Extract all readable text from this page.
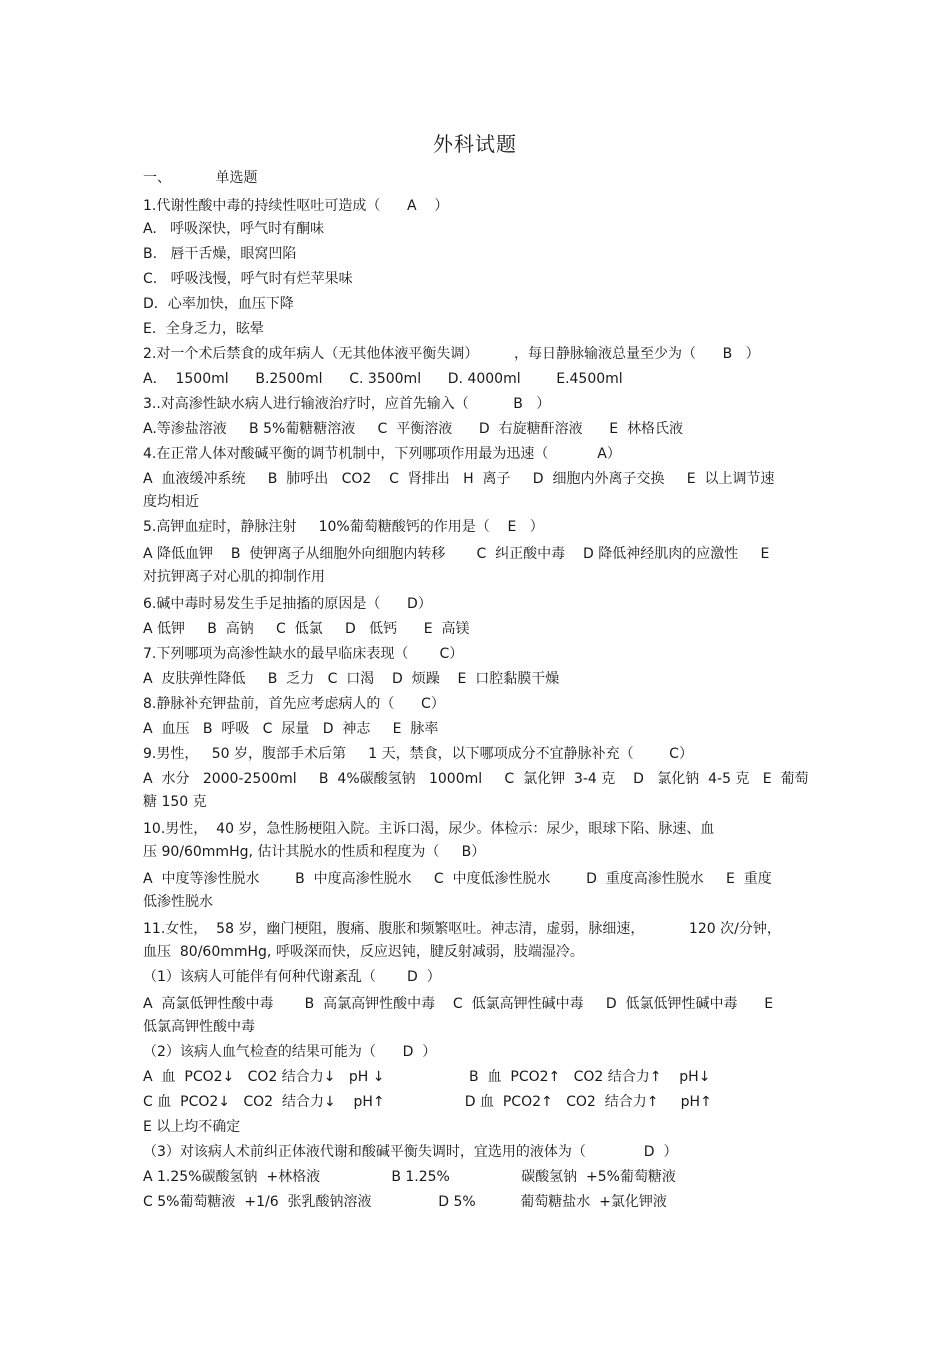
外科试题
一、          单选题
1.代谢性酸中毒的持续性呕吐可造成（      A    ）
A.   呼吸深快，呼气时有酮味
B.   唇干舌燥，眼窝凹陷
C.   呼吸浅慢，呼气时有烂苹果味
D．心率加快，血压下降
E．全身乏力，眩晕
2.对一个术后禁食的成年病人（无其他体液平衡失调）        ，每日静脉输液总量至少为（      B   ）
A．  1500ml      B.2500ml      C. 3500ml      D. 4000ml        E.4500ml
3..对高渗性缺水病人进行输液治疗时，应首先输入（          B   ）
A.等渗盐溶液     B 5%葡糖糖溶液     C  平衡溶液      D  右旋糖酐溶液      E  林格氏液
4.在正常人体对酸碱平衡的调节机制中，下列哪项作用最为迅速（           A）
A  血液缓冲系统     B  肺呼出   CO2    C  肾排出   H  离子     D  细胞内外离子交换     E  以上调节速
度均相近
5.高钾血症时，静脉注射     10%葡萄糖酸钙的作用是（    E   ）
A 降低血钾    B  使钾离子从细胞外向细胞内转移       C  纠正酸中毒    D 降低神经肌肉的应激性     E
对抗钾离子对心肌的抑制作用
6.碱中毒时易发生手足抽搐的原因是（      D）
A 低钾     B  高钠     C  低氯     D   低钙      E  高镁
7.下列哪项为高渗性缺水的最早临床表现（       C）
A  皮肤弹性降低     B  乏力   C  口渴    D  烦躁    E  口腔黏膜干燥
8.静脉补充钾盐前，首先应考虑病人的（      C）
A  血压   B  呼吸   C  尿量   D  神志     E  脉率
9.男性，   50 岁，腹部手术后第     1 天，禁食，以下哪项成分不宜静脉补充（        C）
A  水分   2000-2500ml     B  4%碳酸氢钠   1000ml     C  氯化钾  3-4 克    D   氯化钠  4-5 克   E  葡萄
糖 150 克
10.男性，  40 岁，急性肠梗阻入院。主诉口渴，尿少。体检示：尿少，眼球下陷、脉速、血
压 90/60mmHg, 估计其脱水的性质和程度为（     B）
A  中度等渗性脱水        B  中度高渗性脱水     C  中度低渗性脱水        D  重度高渗性脱水     E  重度
低渗性脱水
11.女性，  58 岁，幽门梗阻，腹痛、腹胀和频繁呕吐。神志清，虚弱，脉细速，          120 次/分钟，
血压  80/60mmHg, 呼吸深而快，反应迟钝，腱反射减弱，肢端湿冷。
（1）该病人可能伴有何种代谢紊乱（       D  ）
A  高氯低钾性酸中毒       B  高氯高钾性酸中毒    C  低氯高钾性碱中毒     D  低氯低钾性碱中毒      E
低氯高钾性酸中毒
（2）该病人血气检查的结果可能为（      D  ）
A  血  PCO2↓   CO2 结合力↓   pH ↓                   B  血  PCO2↑   CO2 结合力↑    pH↓
C 血  PCO2↓   CO2  结合力↓    pH↑                  D 血  PCO2↑   CO2  结合力↑     pH↑
E 以上均不确定
（3）对该病人术前纠正体液代谢和酸碱平衡失调时，宜选用的液体为（             D  ）
A 1.25%碳酸氢钠  +林格液                B 1.25%                碳酸氢钠  +5%葡萄糖液
C 5%葡萄糖液  +1/6  张乳酸钠溶液               D 5%          葡萄糖盐水  +氯化钾液
